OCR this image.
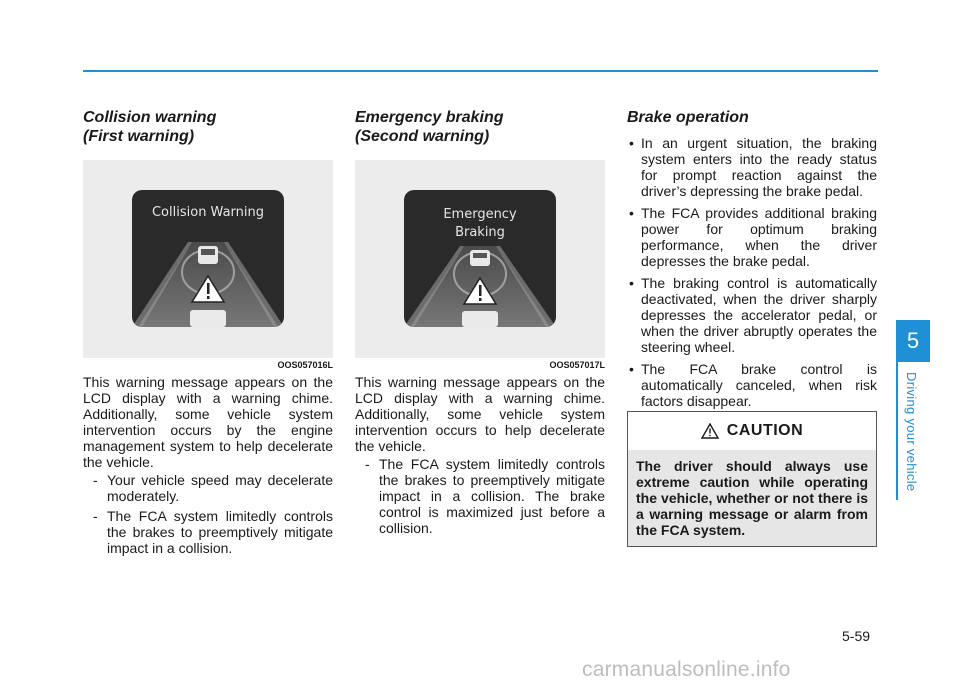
Collision warning
(First warning)
Collision Warning
OOS057016L

This warning message appears on the LCD display with a warning chime. Additionally, some vehicle system intervention occurs by the engine management system to help decelerate the vehicle.

- Your vehicle speed may decelerate moderately.
- The FCA system limitedly controls the brakes to preemptively mitigate impact in a collision.
Emergency braking
(Second warning)
Emergency
Braking
OOS057017L

This warning message appears on the LCD display with a warning chime. Additionally, some vehicle system intervention occurs to help decelerate the vehicle.

- The FCA system limitedly controls the brakes to preemptively mitigate impact in a collision. The brake control is maximized just before a collision.
Brake operation
• In an urgent situation, the braking system enters into the ready status for prompt reaction against the driver’s depressing the brake pedal.
• The FCA provides additional braking power for optimum braking performance, when the driver depresses the brake pedal.
• The braking control is automatically deactivated, when the driver sharply depresses the accelerator pedal, or when the driver abruptly operates the steering wheel.
• The FCA brake control is automatically canceled, when risk factors disappear.
CAUTION
The driver should always use extreme caution while operating the vehicle, whether or not there is a warning message or alarm from the FCA system.
5
Driving your vehicle
5-59
carmanualsonline.info
